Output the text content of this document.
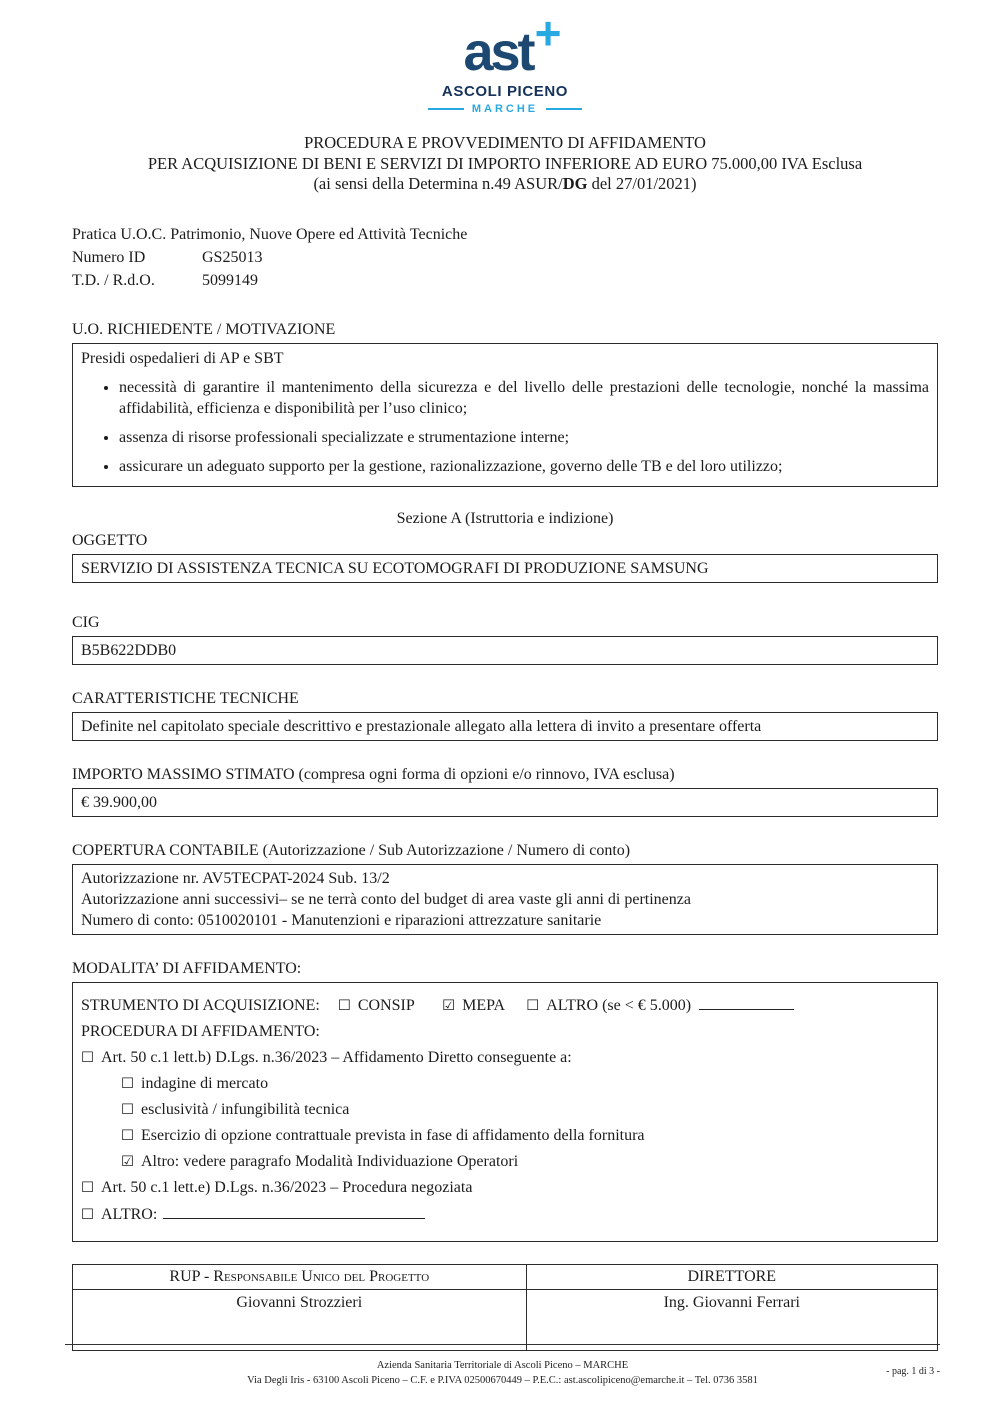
ast +
ASCOLI PICENO
MARCHE
PROCEDURA E PROVVEDIMENTO DI AFFIDAMENTO
PER ACQUISIZIONE DI BENI E SERVIZI DI IMPORTO INFERIORE AD EURO 75.000,00 IVA Esclusa
(ai sensi della Determina n.49 ASUR/DG del 27/01/2021)
Pratica U.O.C. Patrimonio, Nuove Opere ed Attività Tecniche
Numero ID	GS25013
T.D. / R.d.O.	5099149
U.O. RICHIEDENTE / MOTIVAZIONE
Presidi ospedalieri di AP e SBT
• necessità di garantire il mantenimento della sicurezza e del livello delle prestazioni delle tecnologie, nonché la massima affidabilità, efficienza e disponibilità per l’uso clinico;
• assenza di risorse professionali specializzate e strumentazione interne;
• assicurare un adeguato supporto per la gestione, razionalizzazione, governo delle TB e del loro utilizzo;
Sezione A (Istruttoria e indizione)
OGGETTO
SERVIZIO DI ASSISTENZA TECNICA SU ECOTOMOGRAFI DI PRODUZIONE SAMSUNG
CIG
B5B622DDB0
CARATTERISTICHE TECNICHE
Definite nel capitolato speciale descrittivo e prestazionale allegato alla lettera di invito a presentare offerta
IMPORTO MASSIMO STIMATO (compresa ogni forma di opzioni e/o rinnovo, IVA esclusa)
€ 39.900,00
COPERTURA CONTABILE (Autorizzazione / Sub Autorizzazione / Numero di conto)
Autorizzazione nr. AV5TECPAT-2024 Sub. 13/2
Autorizzazione anni successivi– se ne terrà conto del budget di area vaste gli anni di pertinenza
Numero di conto: 0510020101 - Manutenzioni e riparazioni attrezzature sanitarie
MODALITA’ DI AFFIDAMENTO:
STRUMENTO DI ACQUISIZIONE: ☐ CONSIP ☑ MEPA ☐ ALTRO (se < € 5.000)
PROCEDURA DI AFFIDAMENTO:
☐ Art. 50 c.1 lett.b) D.Lgs. n.36/2023 – Affidamento Diretto conseguente a:
☐ indagine di mercato
☐ esclusività / infungibilità tecnica
☐ Esercizio di opzione contrattuale prevista in fase di affidamento della fornitura
☑ Altro: vedere paragrafo Modalità Individuazione Operatori
☐ Art. 50 c.1 lett.e) D.Lgs. n.36/2023 – Procedura negoziata
☐ ALTRO:
RUP - Responsabile Unico del Progetto	DIRETTORE
Giovanni Strozzieri	Ing. Giovanni Ferrari
Azienda Sanitaria Territoriale di Ascoli Piceno – MARCHE
Via Degli Iris - 63100 Ascoli Piceno – C.F. e P.IVA 02500670449 – P.E.C.: ast.ascolipiceno@emarche.it – Tel. 0736 3581
- pag. 1 di 3 -
